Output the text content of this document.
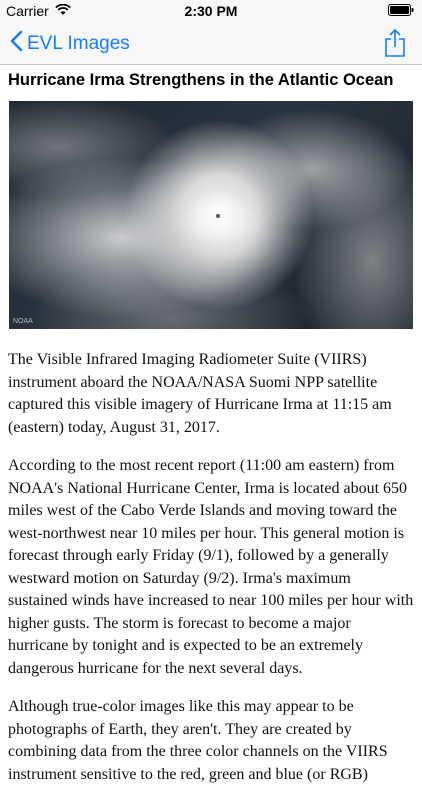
Carrier	2:30 PM
EVL Images
Hurricane Irma Strengthens in the Atlantic Ocean
NOAA

The Visible Infrared Imaging Radiometer Suite (VIIRS) instrument aboard the NOAA/NASA Suomi NPP satellite captured this visible imagery of Hurricane Irma at 11:15 am (eastern) today, August 31, 2017.

According to the most recent report (11:00 am eastern) from NOAA's National Hurricane Center, Irma is located about 650 miles west of the Cabo Verde Islands and moving toward the west-northwest near 10 miles per hour. This general motion is forecast through early Friday (9/1), followed by a generally westward motion on Saturday (9/2). Irma's maximum sustained winds have increased to near 100 miles per hour with higher gusts. The storm is forecast to become a major hurricane by tonight and is expected to be an extremely dangerous hurricane for the next several days.

Although true-color images like this may appear to be photographs of Earth, they aren't. They are created by combining data from the three color channels on the VIIRS instrument sensitive to the red, green and blue (or RGB)
